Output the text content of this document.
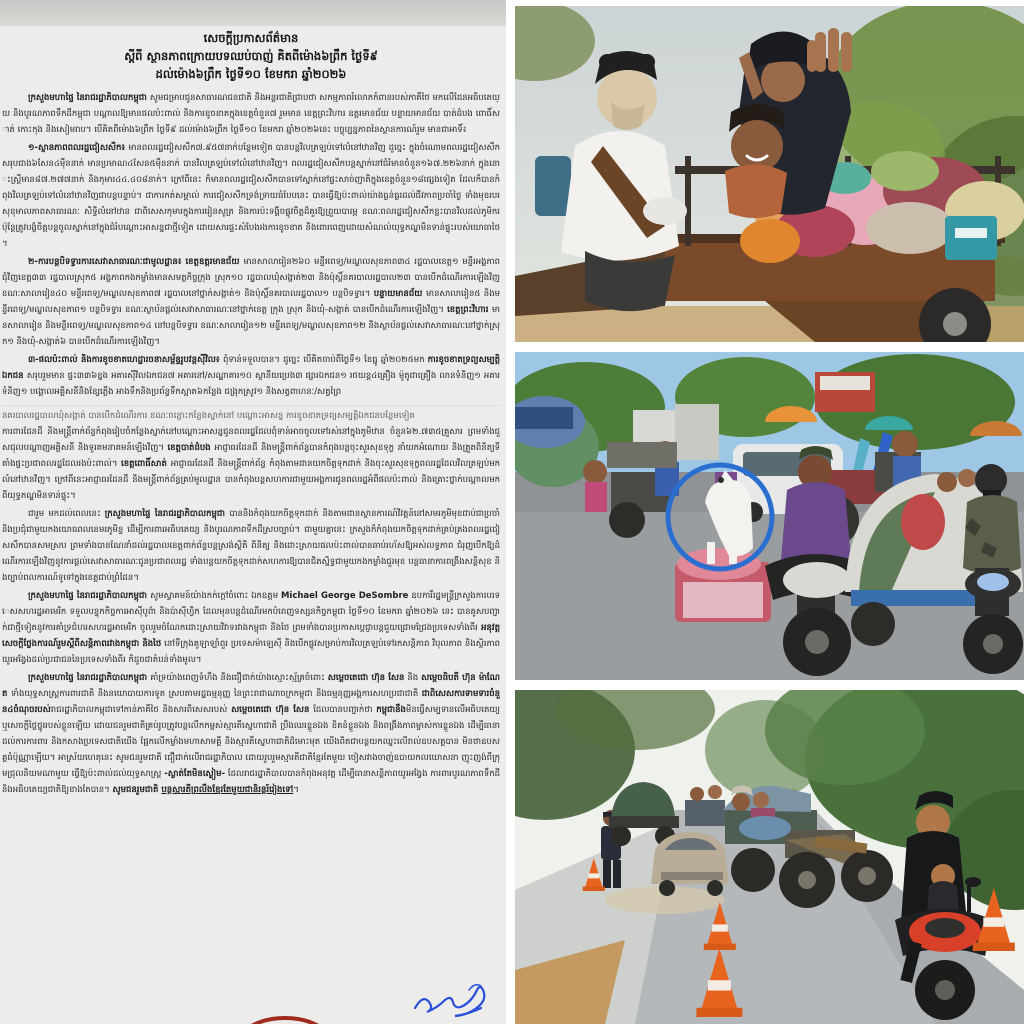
សេចក្តីប្រកាសព័ត៌មាន
ស្តីពី ស្ថានភាពក្រោយបទឈប់បាញ់ គិតពីម៉ោង៦ព្រឹក ថ្ងៃទី៩
ដល់ម៉ោង៦ព្រឹក ថ្ងៃទី១០ ខែមករា ឆ្នាំ២០២៦

ក្រសួងមហាផ្ទៃ នៃរាជរដ្ឋាភិបាលកម្ពុជា សូមជម្រាបជូនសាធារណជនជាតិ និងអន្តរជាតិជ្រាបថា សកម្មភាពរំលោភកំពានរបស់ភាគីថៃ មកលើដែនអធិបតេយ្យ និងបូរណភាពទឹកដីកម្ពុជា បណ្តាលឱ្យមានផលប៉ះពាល់ និងការខូចខាតក្នុងខេត្តចំនួន៧ រួមមាន ខេត្តព្រះវិហារ ឧត្តរមានជ័យ បន្ទាយមានជ័យ បាត់ដំបង ពោធិ៍សាត់ កោះកុង និងសៀមរាប។ បើគិតពីម៉ោង៦ព្រឹក ថ្ងៃទី៩ ដល់ម៉ោង៦ព្រឹក ថ្ងៃទី១០ ខែមករា ឆ្នាំ២០២៦នេះ បច្ចុប្បន្នភាពនៃស្ថានការណ៍រួម មានជាអាទិ៍៖

១-ស្ថានភាពពលរដ្ឋជៀសសឹក៖ មានពលរដ្ឋជៀសសឹក៧.៩៥៧នាក់បន្ថែមទៀត បានបន្តវិលត្រឡប់ទៅលំនៅឋានវិញ ដូច្នេះ ក្នុងចំណោមពលរដ្ឋជៀសសឹកសរុបជាង៦សែន៤ម៉ឺននាក់ មានប្រមាណ៤សែន៥ម៉ឺននាក់ បានវិលត្រឡប់ទៅលំនៅឋានវិញ។ ពលរដ្ឋជៀសសឹកបន្តស្នាក់នៅជំរំមានចំនួន១៦៧.២២៦នាក់ ក្នុងនោះស្ត្រីមាន៨៧.២៧៧នាក់ និងកុមារ៤៤.៤០៨នាក់។ ក្រៅពីនេះ ក៏មានពលរដ្ឋជៀសសឹកបានទៅស្នាក់នៅផ្ទះសាច់ញាតិក្នុងខេត្តចំនួន១៨ផ្សេងទៀត ដែលក៏បានកំពុងវិលត្រឡប់ទៅលំនៅឋានវិញជាបន្តបន្ទាប់។ ជាការកត់សម្គាល់ ការជៀសសឹកទ្រង់ទ្រាយធំបែបនេះ បានធ្វើឱ្យប៉ះពាល់យ៉ាងធ្ងន់ធ្ងរដល់ជីវភាពប្រចាំថ្ងៃ ទាំងមុខរបរ សុខុមាលភាពសាធារណៈ សិទ្ធិលំនៅឋាន ជាពិសេសកុមារក្នុងការរៀនសូត្រ និងការប៉ះទង្គិចផ្លូវចិត្តដ៏គួរឱ្យព្រួយបារម្ភ ខណៈពលរដ្ឋជៀសសឹកខ្លះបានវិលដល់ភូមិករ ប៉ុន្តែត្រូវបង្ខំចិត្តបន្តចូលស្នាក់នៅក្នុងជំរំបណ្តោះអាសន្នជាថ្មីទៀត ដោយសារផ្ទះសំបែងរងការខូចខាត និងពោរពេញដោយសំណល់យុទ្ធភណ្ឌមិនទាន់ផ្ទុះរបស់យោធាថៃ។

២-ការបន្តបិទទ្វារការសេវាសាធារណៈជាមូលដ្ឋាន៖ ខេត្តឧត្តរមានជ័យ មានសាលារៀន២៦០ មន្ទីរពេទ្យ/មណ្ឌលសុខភាព៣៤ រដ្ឋបាលខេត្ត១ មន្ទីរអង្គភាពជុំវិញខេត្ត៣៣ រដ្ឋបាលស្រុក៥ អង្គភាពកងកម្លាំងមានសមត្ថកិច្ចក្រុង ស្រុក១០ រដ្ឋបាលឃុំសង្កាត់២៣ និងប៉ុស្តិ៍នគរបាលរដ្ឋបាល២៣ បានបើកដំណើរការឡើងវិញ ខណៈសាលារៀន៤០ មន្ទីរពេទ្យ/មណ្ឌលសុខភាព៧ រដ្ឋបាលនៅថ្នាក់សង្កាត់១ និងប៉ុស្តិ៍នគរបាលរដ្ឋបាល១ បន្តបិទទ្វារ។ បន្ទាយមានជ័យ មានសាលារៀន៥ និងមន្ទីរពេទ្យ/មណ្ឌលសុខភាព១ បន្តបិទទ្វារ ខណៈស្ថាប័នផ្តល់សេវាសាធារណៈនៅថ្នាក់ខេត្ត ក្រុង ស្រុក និងឃុំ-សង្កាត់ បានបើកដំណើរការឡើងវិញ។ ខេត្តព្រះវិហារ មានសាលារៀន និងមន្ទីរពេទ្យ/មណ្ឌលសុខភាព១៤ នៅបន្តបិទទ្វារ ខណៈសាលារៀន១២ មន្ទីរពេទ្យ/មណ្ឌលសុខភាព១២ និងស្ថាប័នផ្តល់សេវាសាធារណៈនៅថ្នាក់ស្រុក១ និងឃុំ-សង្កាត់៦ បានបើកដំណើរការឡើងវិញ។

៣-ផលប៉ះពាល់ និងការខូចខាតហេដ្ឋារចនាសម្ព័ន្ធរូបវន្តស៊ីវិល៖ ពុំទាន់ទទួលបាន។ ដូច្នេះ បើគិតចាប់ពីថ្ងៃទី១ ខែធ្នូ ឆ្នាំ២០២៥មក ការខូចខាតទ្រព្យសម្បត្តិឯកជន សរុបរួមមាន ផ្ទះ៣៣៦ខ្នង អគារស៊ីវិលឯកជន៧ អគារនៅ/សណ្ឋាគារ១០ ស្ថានីយប្រេង៣ ផ្សារឯកជន១ រថយន្ត៤គ្រឿង ម៉ូតូជាគ្រឿង លានទំនិញ១ អគារទំនិញ១ បង្គោលអគ្គិសនីនិងខ្សែភ្លើង អាងទឹកនិងប្រព័ន្ធទឹកស្អាត៦កន្លែង ជង្រុកស្រូវ១ និងសត្វពាហនៈ/សត្វព្រៃ

នគរបាលរដ្ឋបាលឃុំសង្កាត់ បានបើកដំណើរការ ខណៈចន្លោះកន្លែងស្នាក់នៅ បណ្តោះអាសន្ន ការខូចខាតទ្រព្យសម្បត្តិឯកជនបន្ថែមទៀត

ការពារដែនដី និងមន្ត្រីពាក់ព័ន្ធកំពុងរៀបចំកន្លែងស្នាក់នៅបណ្តោះអាសន្នជូនពលរដ្ឋដែលពុំទាន់អាចចូលទៅរស់នៅក្នុងភូមិឋាន ចំនួន៦២.៧៣៥គ្រួសារ ព្រមទាំងជួសជុលបណ្តាញអគ្គិសនី និងទូរគមនាគមន៍ឡើងវិញ។ ខេត្តបាត់ដំបង អាជ្ញាធរដែនដី និងមន្ត្រីពាក់ព័ន្ធបានកំពុងបន្តចុះសួរសុខទុក្ខ នាំយកអំណោយ និងត្រួតពិនិត្យទីតាំងផ្ទះប្រជាពលរដ្ឋដែលរងប៉ះពាល់។ ខេត្តពោធិ៍សាត់ អាជ្ញាធរដែនដី និងមន្ត្រីពាក់ព័ន្ធ កំពុងតាមដានយកចិត្តទុកដាក់ និងចុះសួរសុខទុក្ខពលរដ្ឋដែលវិលត្រឡប់មកលំនៅឋានវិញ។ ក្រៅពីនេះអាជ្ញាធរដែនដី និងមន្ត្រីពាក់ព័ន្ធគ្រប់មូលដ្ឋាន បានកំពុងបន្តសហការជាមួយអង្គការជូនពលរដ្ឋអំពីផលប៉ះពាល់ និងគ្រោះថ្នាក់បណ្តាលមកពីយុទ្ធភណ្ឌមិនទាន់ផ្ទុះ។

ជារួម មកដល់ពេលនេះ ក្រសួងមហាផ្ទៃ នៃរាជរដ្ឋាភិបាលកម្ពុជា បាននិងកំពុងយកចិត្តទុកដាក់ និងតាមដានស្ថានការណ៍វិវត្តន៍នៅសមរភូមិមុខជាប់ជាប្រចាំ និងប្រជុំជាមួយកងយោធពលខេមរភូមិន្ទ ដើម្បីការពារអធិបតេយ្យ និងបូរណភាពទឹកដីស្របច្បាប់។ ជាមួយគ្នានេះ ក្រសួងក៏កំពុងយកចិត្តទុកដាក់គ្រប់គ្រងពលរដ្ឋជៀសសឹកបានសមស្រប ព្រមទាំងបានណែនាំដល់រដ្ឋបាលខេត្តពាក់ព័ន្ធបន្តស្រង់ស្ថិតិ ពិនិត្យ និងដោះស្រាយផលប៉ះពាល់បានឆាប់រហ័សឱ្យអស់លទ្ធភាព ជំរុញបើកឱ្យដំណើរការឡើងវិញនូវការផ្តល់សេវាសាធារណៈជូនប្រជាពលរដ្ឋ ទាំងបន្តយកចិត្តទុកដាក់សហការឱ្យបានជិតស្និទ្ធជាមួយកងកម្លាំងជួរមុខ បន្តធានាការពង្រឹងសន្តិសុខ និងច្បាប់ពលការណ៍ទូទៅក្នុងខេត្តជាប់ព្រំដែន។

ក្រសួងមហាផ្ទៃ នៃរាជរដ្ឋាភិបាលកម្ពុជា សូមស្វាគមន៍យ៉ាងកក់ក្តៅចំពោះ ឯកឧត្តម Michael George DeSombre ឧបការីរដ្ឋមន្ត្រីក្រសួងការបរទេសសហរដ្ឋអាមេរិក ទទួលបន្ទុកកិច្ចការអាស៊ីបូព៌ា និងប៉ាស៊ីហ្វិក ដែលមុនបន្តដំណើរមកបំពេញទស្សនកិច្ចកម្ពុជា ថ្ងៃទី១០ ខែមករា ឆ្នាំ២០២៦ នេះ បានគូសបញ្ជាក់ជាថ្មីទៀតនូវការគាំទ្រជំហរសហរដ្ឋអាមេរិក ចូលរួមចំណែកដោះស្រាយវិវាទរវាងកម្ពុជា និងថៃ ព្រមទាំងបានប្រកាសប្តេជ្ញាបន្តជួយជ្រោមជ្រែងប្រទេសទាំងពីរ អនុវត្តសេចក្តីថ្លែងការណ៍រួមស្តីពីសន្តិភាពរវាងកម្ពុជា និងថៃ នៅទីក្រុងគូឡាឡាំពួរ ប្រទេសម៉ាឡេស៊ី និងបើកផ្លូវសម្រាប់ការវិលត្រឡប់ទៅរកសន្តិភាព វិបុលភាព និងស្ថិរភាពយូរអង្វែងដល់ប្រជាជននៃប្រទេសទាំងពីរ ក៏ដូចជាតំបន់ទាំងមូល។

ក្រសួងមហាផ្ទៃ នៃរាជរដ្ឋាភិបាលកម្ពុជា គាំទ្រយ៉ាងពេញទំហឹង និងជឿជាក់យ៉ាងស្មោះស្ម័គ្រចំពោះ សម្តេចតេជោ ហ៊ុន សែន និង សម្តេចធិបតី ហ៊ុន ម៉ាណែត ទាំងយុទ្ធសាស្ត្រការពារជាតិ និងនយោបាយការទូត ស្របតាមរដ្ឋធម្មនុញ្ញ នៃព្រះរាជាណាចក្រកម្ពុជា និងធម្មនុញ្ញអង្គការសហប្រជាជាតិ ជាពិសេសការទាមទារចំនួន៤ចំណុចរបស់រាជរដ្ឋាភិបាលកម្ពុជាទៅកាន់ភាគីថៃ និងសារពិសេសរបស់ សម្តេចតេជោ ហ៊ុន សែន ដែលបានបញ្ជាក់ថា កម្ពុជានឹងមិនធ្វើសម្បទានលើអធិបតេយ្យ ឬសេចក្តីថ្លៃថ្នូររបស់ខ្លួនឡើយ ដោយជនរួមជាតិគ្រប់រូបត្រូវបន្តលើកកម្ពស់ស្មារតីស្នេហាជាតិ ប្រឹងឈរខ្លួនឯង ខិតខំខ្លួនឯង និងពង្រឹងភាពម្ចាស់ការខ្លួនឯង ដើម្បីធានាដល់ការការពារ និងកសាងប្រទេសជាតិយើង ផ្អែកលើកម្លាំងមហាសាមគ្គី និងស្មារតីស្នេហាជាតិដ៏មោះមុត យើងពិតជាបន្តយកឈ្នះលើរាល់ឧបសគ្គបាន មិនថាឧបសគ្គធំប៉ុណ្ណាឡើយ។ អាស្រ័យហេតុនេះ សូមជនរួមជាតិ ជឿជាក់លើរាជរដ្ឋាភិបាល ដោយរួបរួមស្មារតីជាតិខ្មែរតែមួយ ចៀសវាងចាញ់ឧបាយកលឃោសនា ញុះញង់ពីក្រុមជ្រុលនិយមណាមួយ ធ្វើឱ្យប៉ះពាល់ដល់យុទ្ធសាស្ត្រ -ស្ងាត់តែមិនស្ងៀម- ដែលរាជរដ្ឋាភិបាលបានកំពុងអនុវត្ត ដើម្បីធានាសន្តិភាពយូរអង្វែង ការពារបូរណភាពទឹកដី និងអធិបតេយ្យជាតិឱ្យខាងតែបាន។ សូមជនរួមជាតិ បន្តស្មារតីព្រលឹងខ្មែរតែមួយជានិរន្តរ៍រៀងទៅ។
